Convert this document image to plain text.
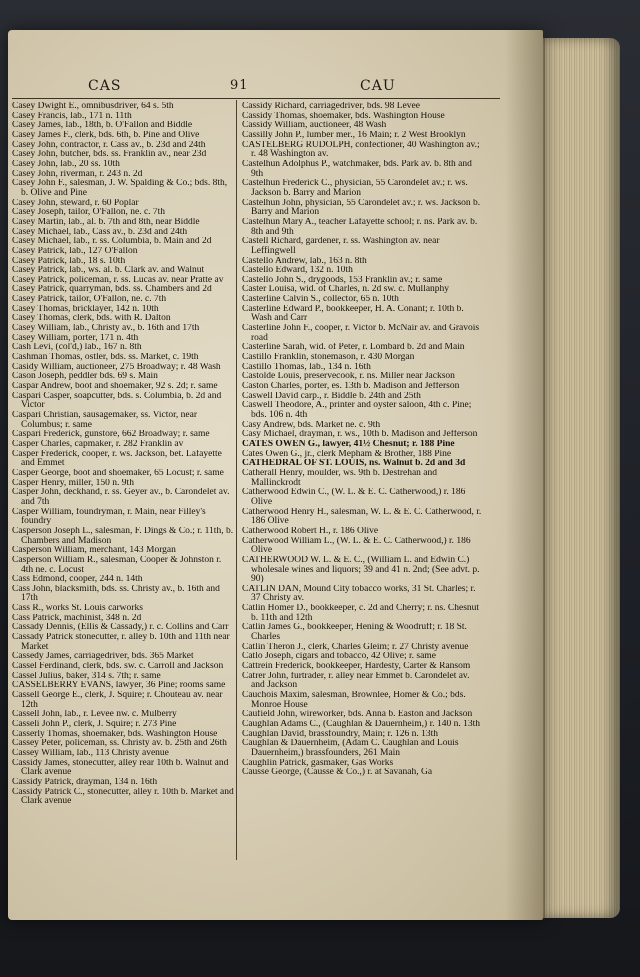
CAS	91	CAU

Casey Dwight E., omnibusdriver, 64 s. 5th

Casey Francis, lab., 171 n. 11th

Casey James, lab., 18th, b. O'Fallon and Biddle

Casey James F., clerk, bds. 6th, b. Pine and Olive

Casey John, contractor, r. Cass av., b. 23d and 24th

Casey John, butcher, bds. ss. Franklin av., near 23d

Casey John, lab., 20 ss. 10th

Casey John, riverman, r. 243 n. 2d

Casey John F., salesman, J. W. Spalding & Co.; bds. 8th, b. Olive and Pine

Casey John, steward, r. 60 Poplar

Casey Joseph, tailor, O'Fallon, ne. c. 7th

Casey Martin, lab., al. b. 7th and 8th, near Biddle

Casey Michael, lab., Cass av., b. 23d and 24th

Casey Michael, lab., r. ss. Columbia, b. Main and 2d

Casey Patrick, lab., 127 O'Fallon

Casey Patrick, lab., 18 s. 10th

Casey Patrick, lab., ws. al. b. Clark av. and Walnut

Casey Patrick, policeman, r. ss. Lucas av. near Pratte av

Casey Patrick, quarryman, bds. ss. Chambers and 2d

Casey Patrick, tailor, O'Fallon, ne. c. 7th

Casey Thomas, bricklayer, 142 n. 10th

Casey Thomas, clerk, bds. with R. Dalton

Casey William, lab., Christy av., b. 16th and 17th

Casey William, porter, 171 n. 4th

Cash Levi, (col'd,) lab., 167 n. 8th

Cashman Thomas, ostler, bds. ss. Market, c. 19th

Casidy William, auctioneer, 275 Broadway; r. 48 Wash

Cason Joseph, peddler bds. 69 s. Main

Caspar Andrew, boot and shoemaker, 92 s. 2d; r. same

Caspari Casper, soapcutter, bds. s. Columbia, b. 2d and Victor

Caspari Christian, sausagemaker, ss. Victor, near Columbus; r. same

Caspari Frederick, gunstore, 662 Broadway; r. same

Casper Charles, capmaker, r. 282 Franklin av

Casper Frederick, cooper, r. ws. Jackson, bet. Lafayette and Emmet

Casper George, boot and shoemaker, 65 Locust; r. same

Casper Henry, miller, 150 n. 9th

Casper John, deckhand, r. ss. Geyer av., b. Carondelet av. and 7th

Casper William, foundryman, r. Main, near Filley's foundry

Casperson Joseph L., salesman, F. Dings & Co.; r. 11th, b. Chambers and Madison

Casperson William, merchant, 143 Morgan

Casperson William R., salesman, Cooper & Johnston r. 4th ne. c. Locust

Cass Edmond, cooper, 244 n. 14th

Cass John, blacksmith, bds. ss. Christy av., b. 16th and 17th

Cass R., works St. Louis carworks

Cass Patrick, machinist, 348 n. 2d

Cassady Dennis, (Ellis & Cassady,) r. c. Collins and Carr

Cassady Patrick stonecutter, r. alley b. 10th and 11th near Market

Cassedy James, carriagedriver, bds. 365 Market

Cassel Ferdinand, clerk, bds. sw. c. Carroll and Jackson

Cassel Julius, baker, 314 s. 7th; r. same

CASSELBERRY EVANS, lawyer, 36 Pine; rooms same

Cassell George E., clerk, J. Squire; r. Chouteau av. near 12th

Cassell John, lab., r. Levee nw. c. Mulberry

Casseli John P., clerk, J. Squire; r. 273 Pine

Casserly Thomas, shoemaker, bds. Washington House

Cassey Peter, policeman, ss. Christy av. b. 25th and 26th

Cassey William, lab., 113 Christy avenue

Cassidy James, stonecutter, alley rear 10th b. Walnut and Clark avenue

Cassidy Patrick, drayman, 134 n. 16th

Cassidy Patrick C., stonecutter, alley r. 10th b. Market and Clark avenue

Cassidy Richard, carriagedriver, bds. 98 Levee

Cassidy Thomas, shoemaker, bds. Washington House

Cassidy William, auctioneer, 48 Wash

Cassilly John P., lumber mer., 16 Main; r. 2 West Brooklyn

CASTELBERG RUDOLPH, confectioner, 40 Washington av.; r. 48 Washington av.

Castelhun Adolphus P., watchmaker, bds. Park av. b. 8th and 9th

Castelhun Frederick C., physician, 55 Carondelet av.; r. ws. Jackson b. Barry and Marion

Castelhun John, physician, 55 Carondelet av.; r. ws. Jackson b. Barry and Marion

Castelhun Mary A., teacher Lafayette school; r. ns. Park av. b. 8th and 9th

Castell Richard, gardener, r. ss. Washington av. near Leffingwell

Castello Andrew, lab., 163 n. 8th

Castello Edward, 132 n. 10th

Castello John S., drygoods, 153 Franklin av.; r. same

Caster Louisa, wid. of Charles, n. 2d sw. c. Mullanphy

Casterline Calvin S., collector, 65 n. 10th

Casterline Edward P., bookkeeper, H. A. Conant; r. 10th b. Wash and Carr

Casterline John F., cooper, r. Victor b. McNair av. and Gravois road

Casterline Sarah, wid. of Peter, r. Lombard b. 2d and Main

Castillo Franklin, stonemason, r. 430 Morgan

Castillo Thomas, lab., 134 n. 16th

Castolde Louis, preservecook, r. ns. Miller near Jackson

Caston Charles, porter, es. 13th b. Madison and Jefferson

Caswell David carp., r. Biddle b. 24th and 25th

Caswell Theodore, A., printer and oyster saloon, 4th c. Pine; bds. 106 n. 4th

Casy Andrew, bds. Market ne. c. 9th

Casy Michael, drayman, r. ws., 10th b. Madison and Jefferson

CATES OWEN G., lawyer, 41½ Chesnut; r. 188 Pine

Cates Owen G., jr., clerk Mepham & Brother, 188 Pine

CATHEDRAL OF ST. LOUIS, ns. Walnut b. 2d and 3d

Catherall Henry, moulder, ws. 9th b. Destrehan and Mallinckrodt

Catherwood Edwin C., (W. L. & E. C. Catherwood,) r. 186 Olive

Catherwood Henry H., salesman, W. L. & E. C. Catherwood, r. 186 Olive

Catherwood Robert H., r. 186 Olive

Catherwood William L., (W. L. & E. C. Catherwood,) r. 186 Olive

CATHERWOOD W. L. & E. C., (William L. and Edwin C.) wholesale wines and liquors; 39 and 41 n. 2nd; (See advt. p. 90)

CATLIN DAN, Mound City tobacco works, 31 St. Charles; r. 37 Christy av.

Catlin Homer D., bookkeeper, c. 2d and Cherry; r. ns. Chesnut b. 11th and 12th

Catlin James G., bookkeeper, Hening & Woodruff; r. 18 St. Charles

Catlin Theron J., clerk, Charles Gleim; r. 27 Christy avenue

Catlo Joseph, cigars and tobacco, 42 Olive; r. same

Cattrein Frederick, bookkeeper, Hardesty, Carter & Ransom

Catrer John, furtrader, r. alley near Emmet b. Carondelet av. and Jackson

Cauchois Maxim, salesman, Brownlee, Homer & Co.; bds. Monroe House

Caufield John, wireworker, bds. Anna b. Easton and Jackson

Caughlan Adams C., (Caughlan & Dauernheim,) r. 140 n. 13th

Caughlan David, brassfoundry, Main; r. 126 n. 13th

Caughlan & Dauernheim, (Adam C. Caughlan and Louis Dauernheim,) brassfounders, 261 Main

Caughlin Patrick, gasmaker, Gas Works

Causse George, (Causse & Co.,) r. at Savanah, Ga
